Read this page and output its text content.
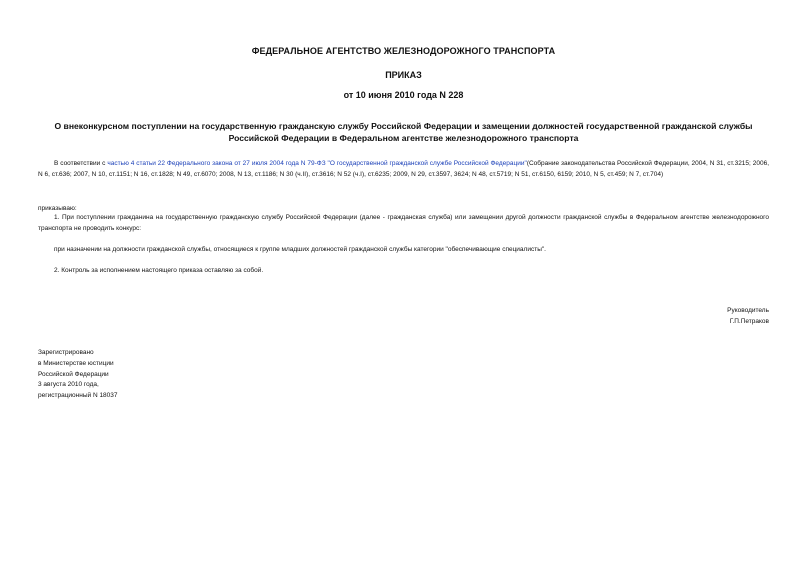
ФЕДЕРАЛЬНОЕ АГЕНТСТВО ЖЕЛЕЗНОДОРОЖНОГО ТРАНСПОРТА
ПРИКАЗ
от 10 июня 2010 года N 228
О внеконкурсном поступлении на государственную гражданскую службу Российской Федерации и замещении должностей государственной гражданской службы
Российской Федерации в Федеральном агентстве железнодорожного транспорта
В соответствии с частью 4 статьи 22 Федерального закона от 27 июля 2004 года N 79-ФЗ "О государственной гражданской службе Российской Федерации"(Собрание законодательства Российской Федерации, 2004, N 31, ст.3215; 2006, N 6, ст.636; 2007, N 10, ст.1151; N 16, ст.1828; N 49, ст.6070; 2008, N 13, ст.1186; N 30 (ч.II), ст.3616; N 52 (ч.I), ст.6235; 2009, N 29, ст.3597, 3624; N 48, ст.5719; N 51, ст.6150, 6159; 2010, N 5, ст.459; N 7, ст.704)
приказываю:
1. При поступлении гражданина на государственную гражданскую службу Российской Федерации (далее - гражданская служба) или замещении другой должности гражданской службы в Федеральном агентстве железнодорожного транспорта не проводить конкурс:
при назначении на должности гражданской службы, относящиеся к группе младших должностей гражданской службы категории "обеспечивающие специалисты".
2. Контроль за исполнением настоящего приказа оставляю за собой.
Руководитель
Г.П.Петраков
Зарегистрировано
в Министерстве юстиции
Российской Федерации
3 августа 2010 года,
регистрационный N 18037
